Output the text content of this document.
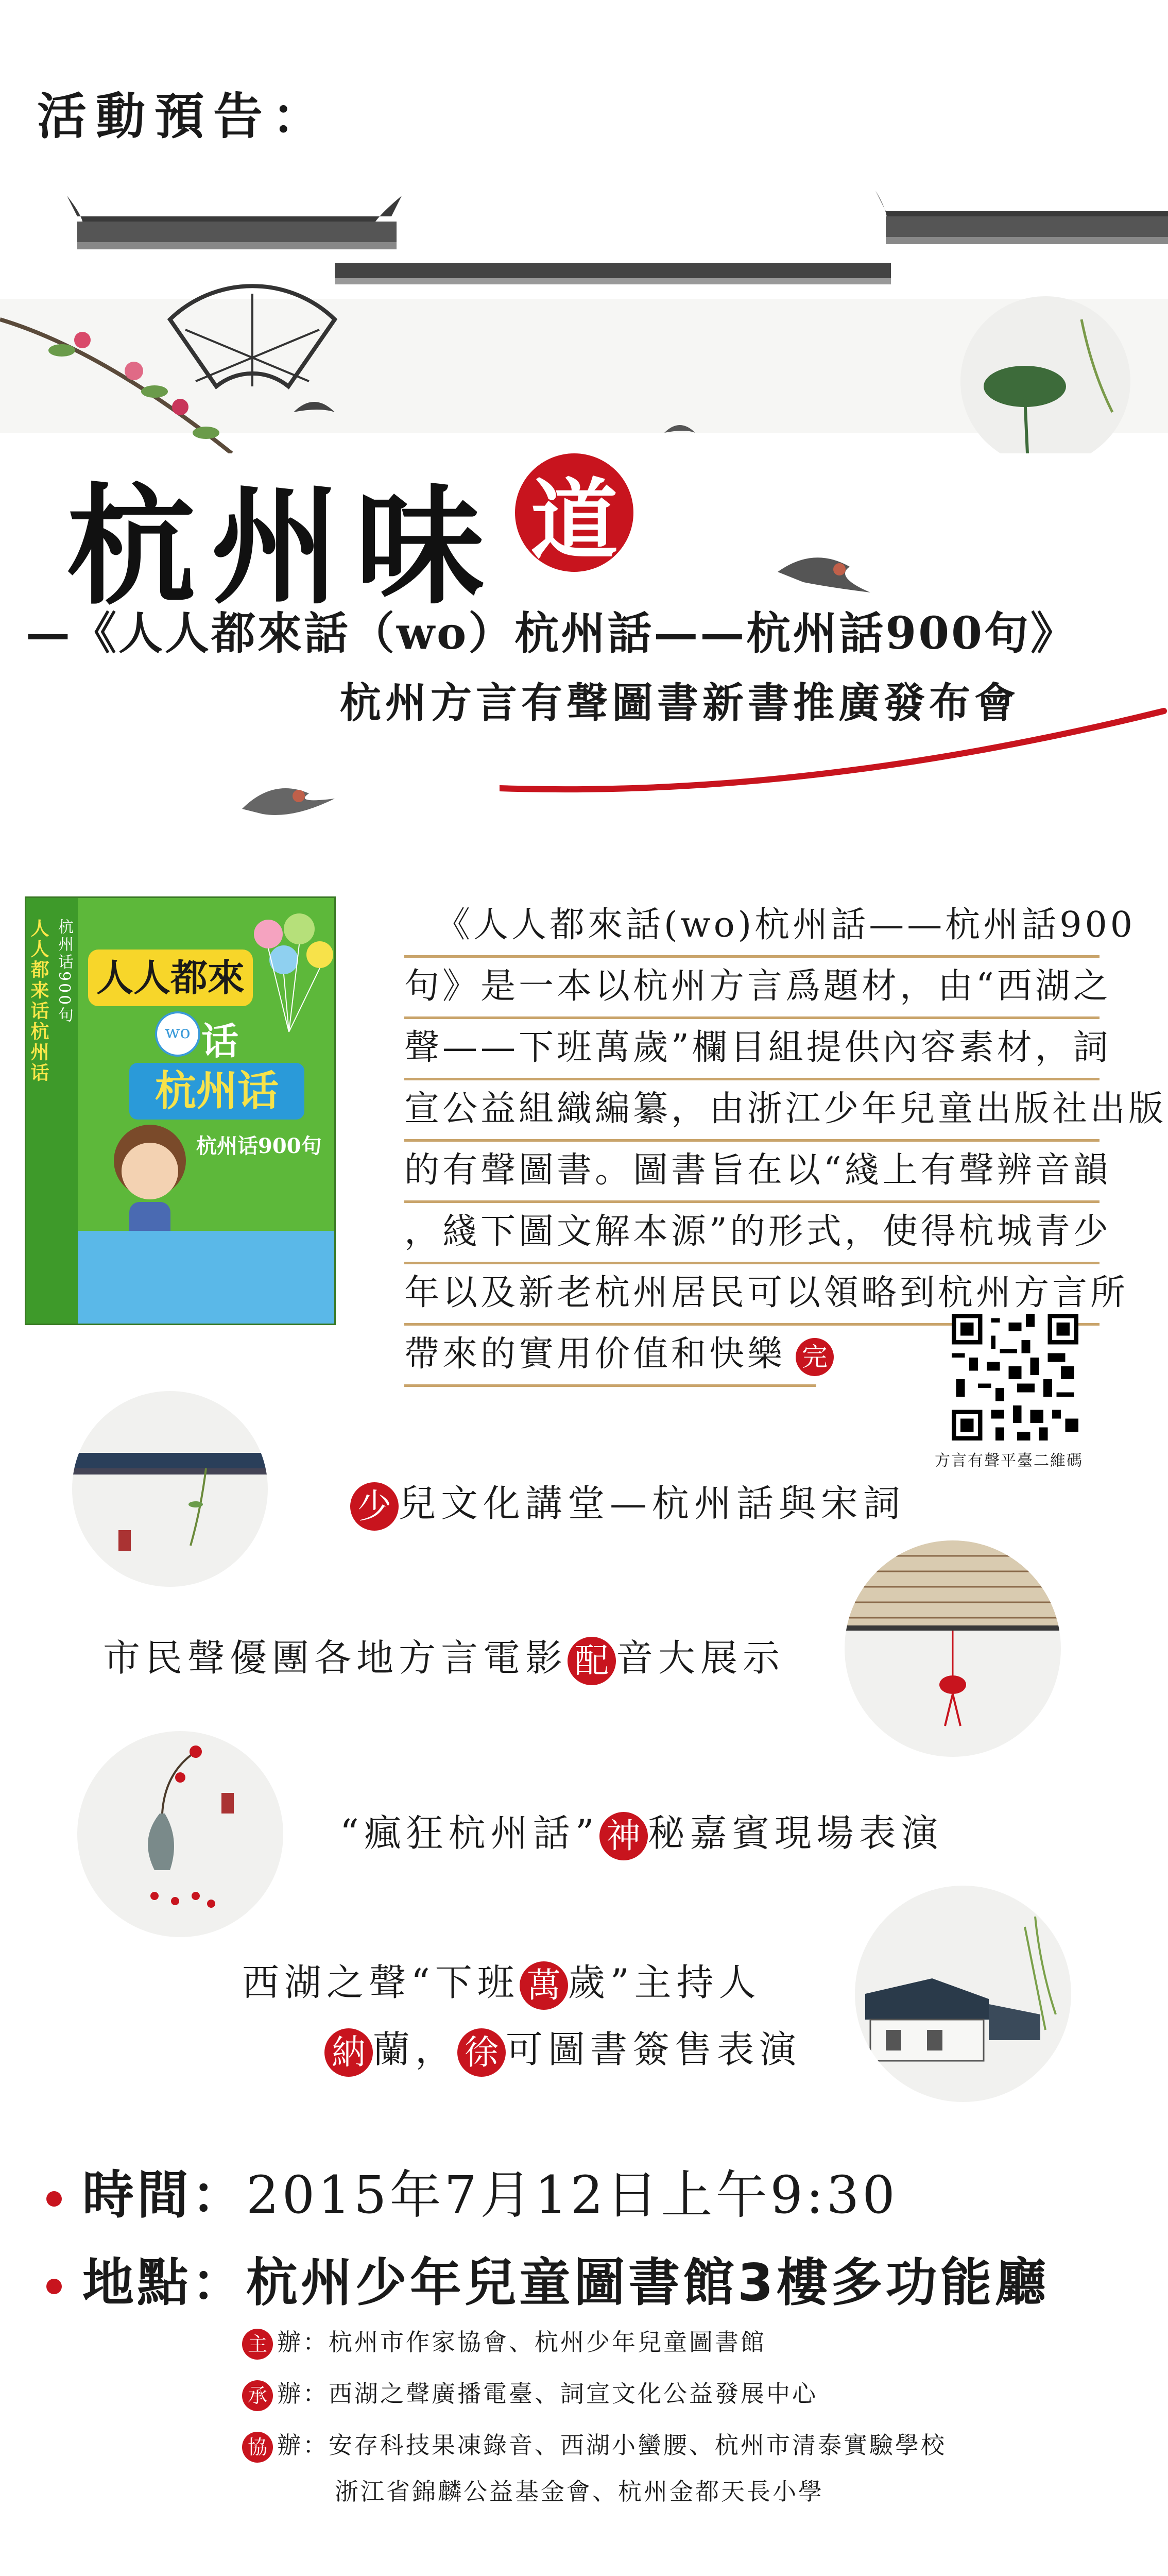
活動預告：
杭州味 道
—《人人都來話（wo）杭州話——杭州話900句》
杭州方言有聲圖書新書推廣發布會
人人都来话杭州话 杭州话900句 人人都來
wo 话
杭州话
杭州话900句
《人人都來話(wo)杭州話——杭州話900
句》是一本以杭州方言爲題材，由“西湖之
聲——下班萬歲”欄目組提供內容素材，詞
宣公益組織編纂，由浙江少年兒童出版社出版
的有聲圖書。圖書旨在以“綫上有聲辨音韻
，綫下圖文解本源”的形式，使得杭城青少
年以及新老杭州居民可以領略到杭州方言所
帶來的實用价值和快樂 完
方言有聲平臺二維碼
少 兒文化講堂—杭州話與宋詞
市民聲優團各地方言電影 配 音大展示
“瘋狂杭州話” 神 秘嘉賓現場表演
西湖之聲“下班 萬 歲”主持人
納 蘭， 徐 可圖書簽售表演
時間：2015年7月12日上午9:30
地點：杭州少年兒童圖書館3樓多功能廳
主 辦：杭州市作家協會、杭州少年兒童圖書館
承 辦：西湖之聲廣播電臺、詞宣文化公益發展中心
協 辦：安存科技果凍錄音、西湖小蠻腰、杭州市清泰實驗學校
浙江省錦麟公益基金會、杭州金都天長小學
